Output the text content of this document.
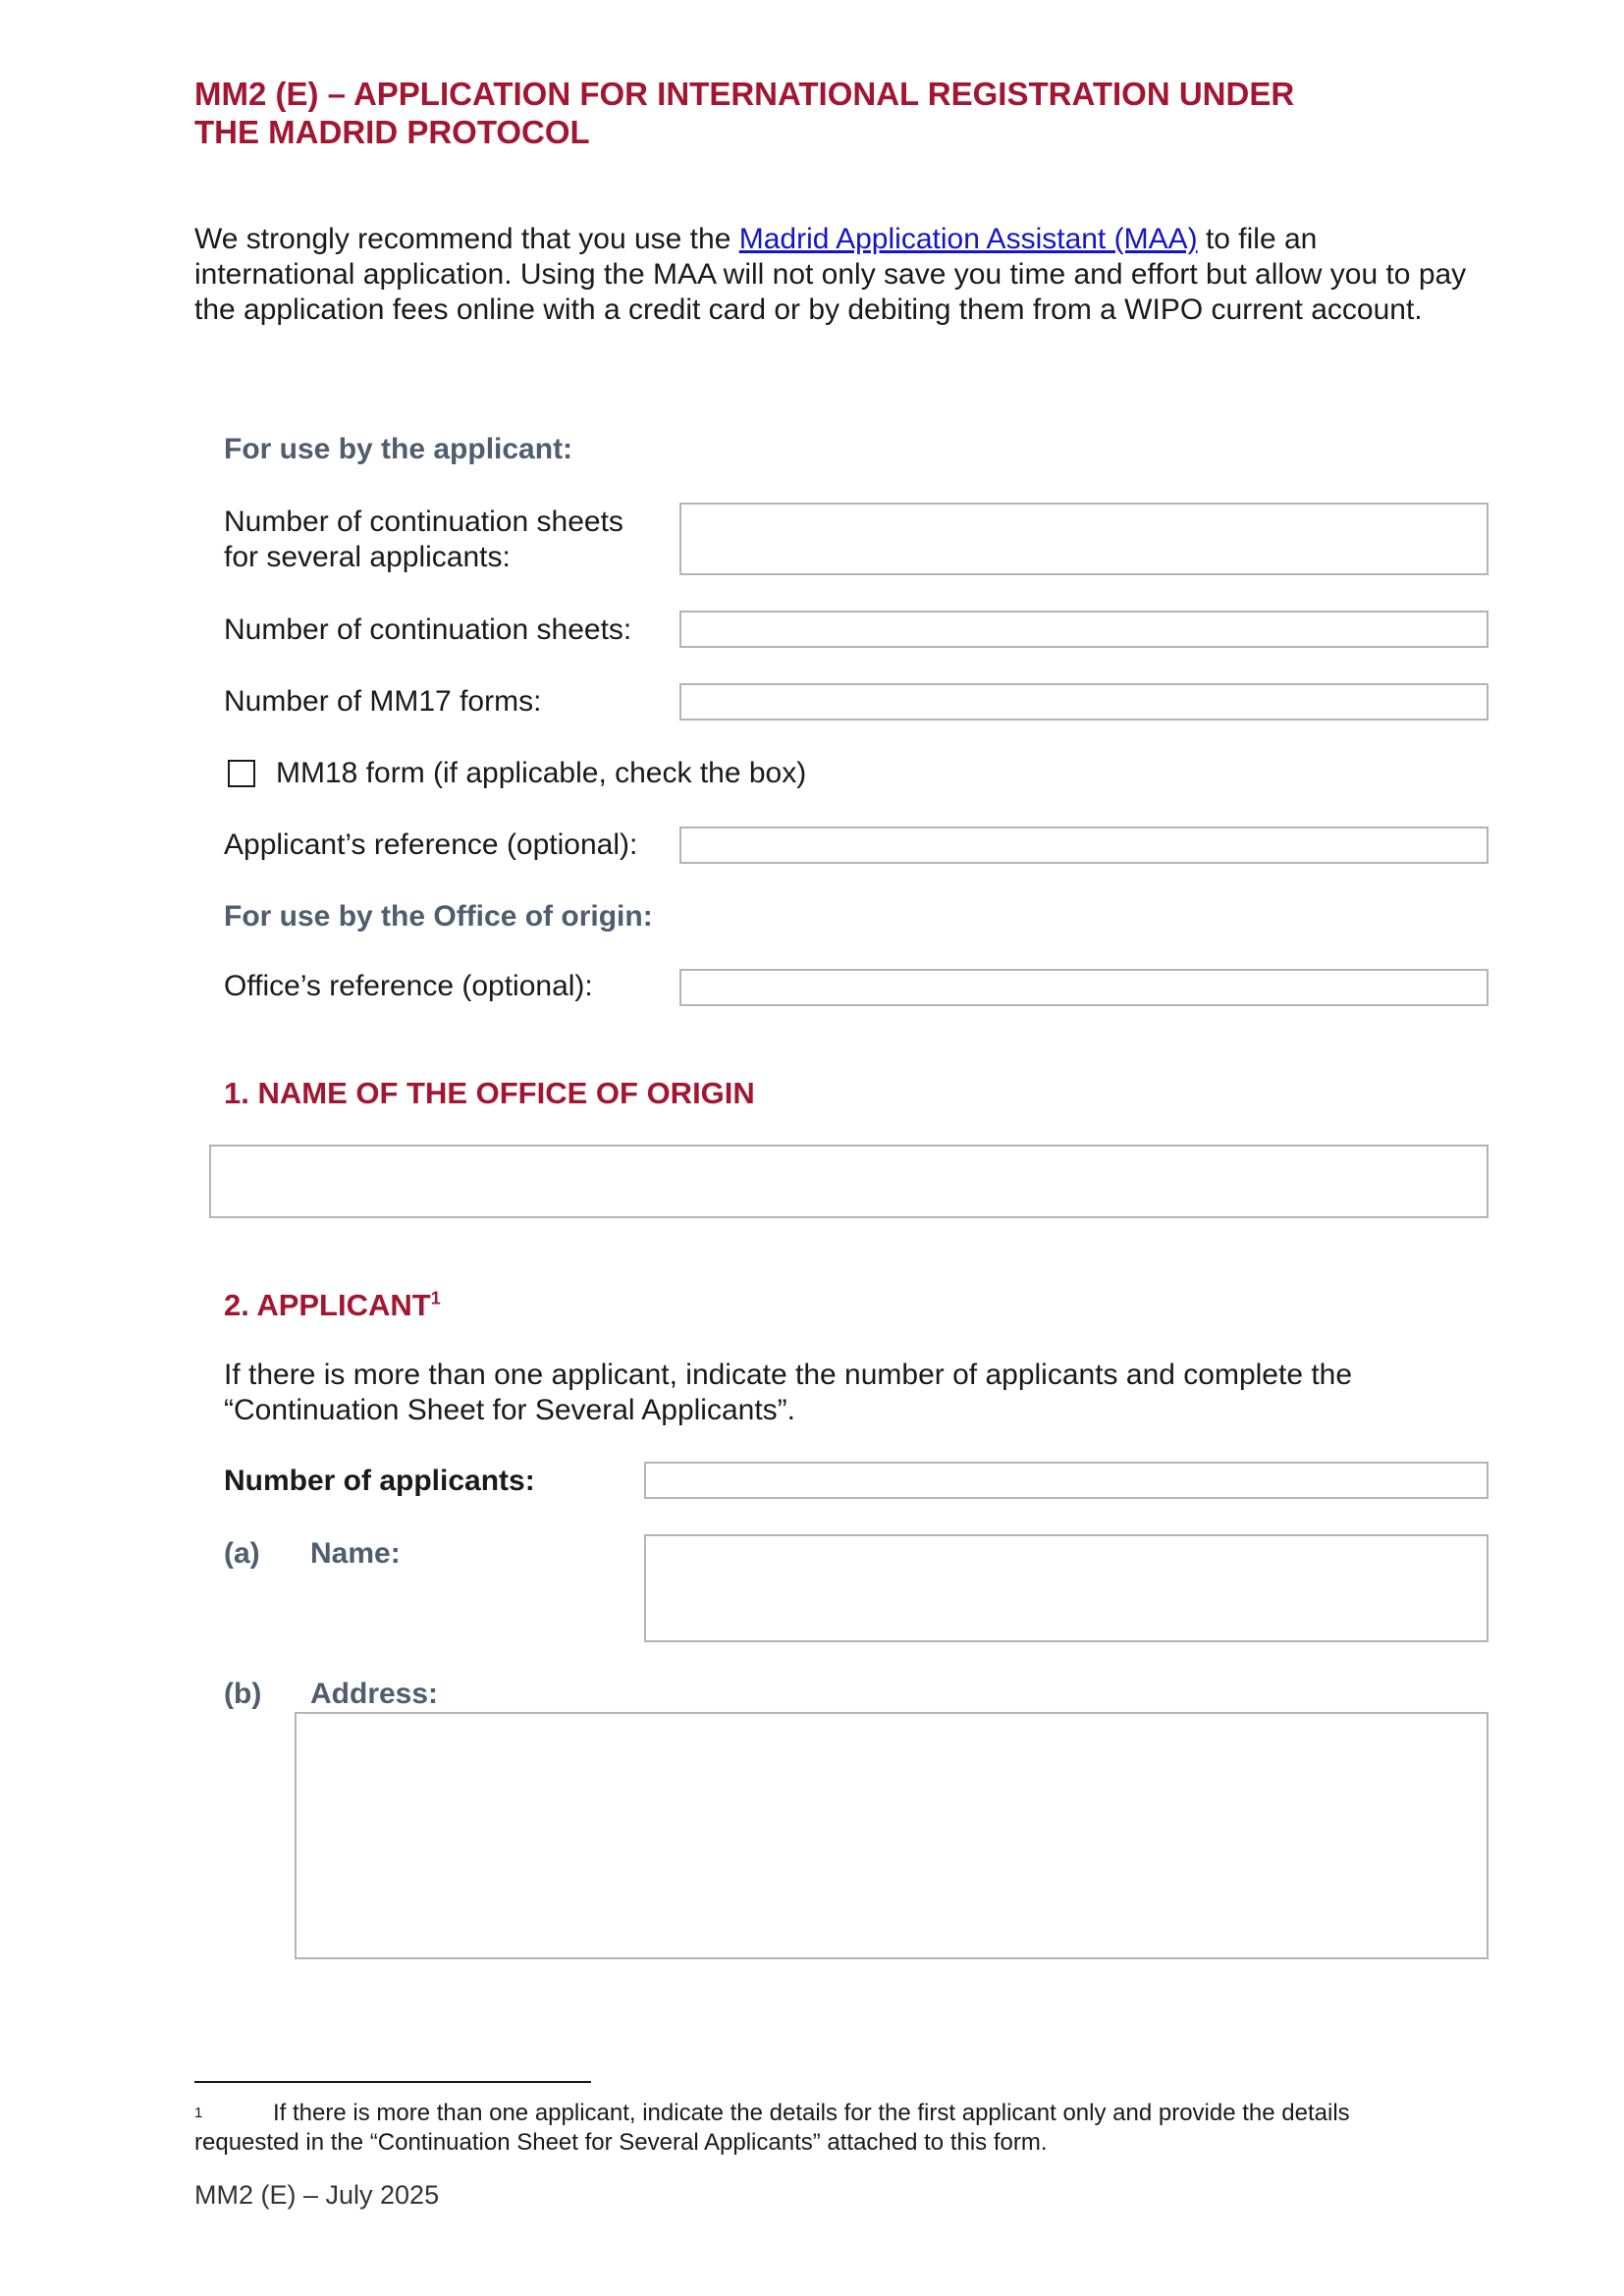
MM2 (E) – APPLICATION FOR INTERNATIONAL REGISTRATION UNDER
THE MADRID PROTOCOL
We strongly recommend that you use the Madrid Application Assistant (MAA) to file an international application. Using the MAA will not only save you time and effort but allow you to pay the application fees online with a credit card or by debiting them from a WIPO current account.
For use by the applicant:
Number of continuation sheets
for several applicants:
Number of continuation sheets:
Number of MM17 forms:
MM18 form (if applicable, check the box)
Applicant’s reference (optional):
For use by the Office of origin:
Office’s reference (optional):
1. NAME OF THE OFFICE OF ORIGIN
2. APPLICANT$^1$
If there is more than one applicant, indicate the number of applicants and complete the
“Continuation Sheet for Several Applicants”.
Number of applicants:
(a) Name:
(b) Address:
1	If there is more than one applicant, indicate the details for the first applicant only and provide the details
requested in the “Continuation Sheet for Several Applicants” attached to this form.
MM2 (E) – July 2025
